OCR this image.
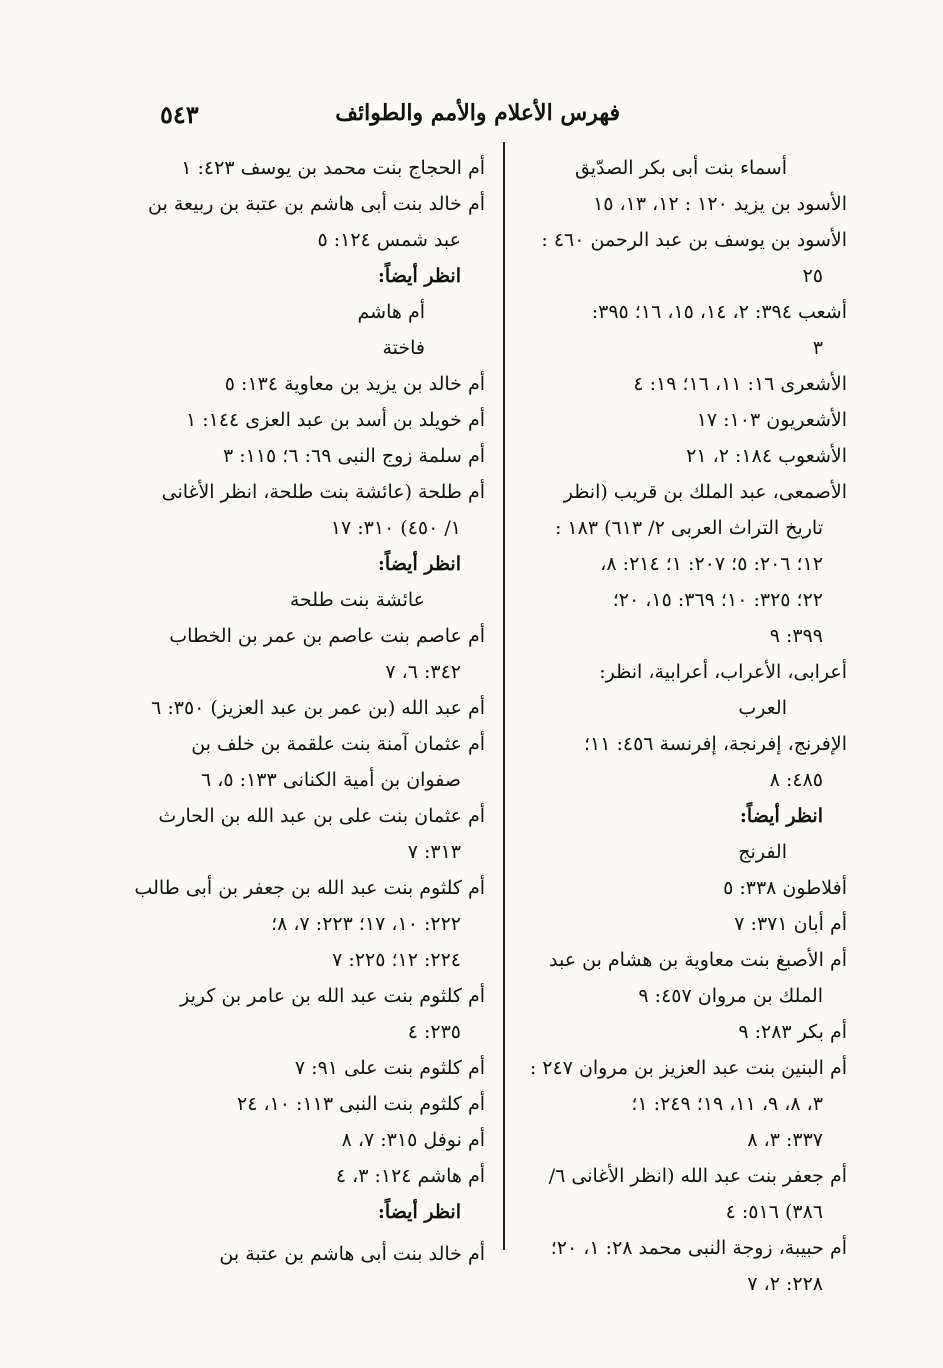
فهرس الأعلام والأمم والطوائف
٥٤٣
أسماء بنت أبى بكر الصدّيق
الأسود بن يزيد ١٢٠ : ١٢، ١٣، ١٥
الأسود بن يوسف بن عبد الرحمن ٤٦٠ :
٢٥
أشعب ٣٩٤: ٢، ١٤، ١٥، ١٦؛ ٣٩٥:
٣
الأشعرى ١٦: ١١، ١٦؛ ١٩: ٤
الأشعريون ١٠٣: ١٧
الأشعوب ١٨٤: ٢، ٢١
الأصمعى، عبد الملك بن قريب (انظر
تاريخ التراث العربى ٢/ ٦١٣) ١٨٣ :
١٢؛ ٢٠٦: ٥؛ ٢٠٧: ١؛ ٢١٤: ٨،
٢٢؛ ٣٢٥: ١٠؛ ٣٦٩: ١٥، ٢٠؛
٣٩٩: ٩
أعرابى، الأعراب، أعرابية، انظر:
العرب
الإفرنج، إفرنجة، إفرنسة ٤٥٦: ١١؛
٤٨٥: ٨
انظر أيضاً:
الفرنج
أفلاطون ٣٣٨: ٥
أم أبان ٣٧١: ٧
أم الأصبغ بنت معاوية بن هشام بن عبد
الملك بن مروان ٤٥٧: ٩
أم بكر ٢٨٣: ٩
أم البنين بنت عبد العزيز بن مروان ٢٤٧ :
٣، ٨، ٩، ١١، ١٩؛ ٢٤٩: ١؛
٣٣٧: ٣، ٨
أم جعفر بنت عبد الله (انظر الأغانى ٦/
٣٨٦) ٥١٦: ٤
أم حبيبة، زوجة النبى محمد ٢٨: ١، ٢٠؛
٢٢٨: ٢، ٧
أم الحجاج بنت محمد بن يوسف ٤٢٣: ١
أم خالد بنت أبى هاشم بن عتبة بن ربيعة بن
عبد شمس ١٢٤: ٥
انظر أيضاً:
أم هاشم
فاختة
أم خالد بن يزيد بن معاوية ١٣٤: ٥
أم خويلد بن أسد بن عبد العزى ١٤٤: ١
أم سلمة زوج النبى ٦٩: ٦؛ ١١٥: ٣
أم طلحة (عائشة بنت طلحة، انظر الأغانى
١/ ٤٥٠) ٣١٠: ١٧
انظر أيضاً:
عائشة بنت طلحة
أم عاصم بنت عاصم بن عمر بن الخطاب
٣٤٢: ٦، ٧
أم عبد الله (بن عمر بن عبد العزيز) ٣٥٠: ٦
أم عثمان آمنة بنت علقمة بن خلف بن
صفوان بن أمية الكنانى ١٣٣: ٥، ٦
أم عثمان بنت على بن عبد الله بن الحارث
٣١٣: ٧
أم كلثوم بنت عبد الله بن جعفر بن أبى طالب
٢٢٢: ١٠، ١٧؛ ٢٢٣: ٧، ٨؛
٢٢٤: ١٢؛ ٢٢٥: ٧
أم كلثوم بنت عبد الله بن عامر بن كريز
٢٣٥: ٤
أم كلثوم بنت على ٩١: ٧
أم كلثوم بنت النبى ١١٣: ١٠، ٢٤
أم نوفل ٣١٥: ٧، ٨
أم هاشم ١٢٤: ٣، ٤
انظر أيضاً:
أم خالد بنت أبى هاشم بن عتبة بن
